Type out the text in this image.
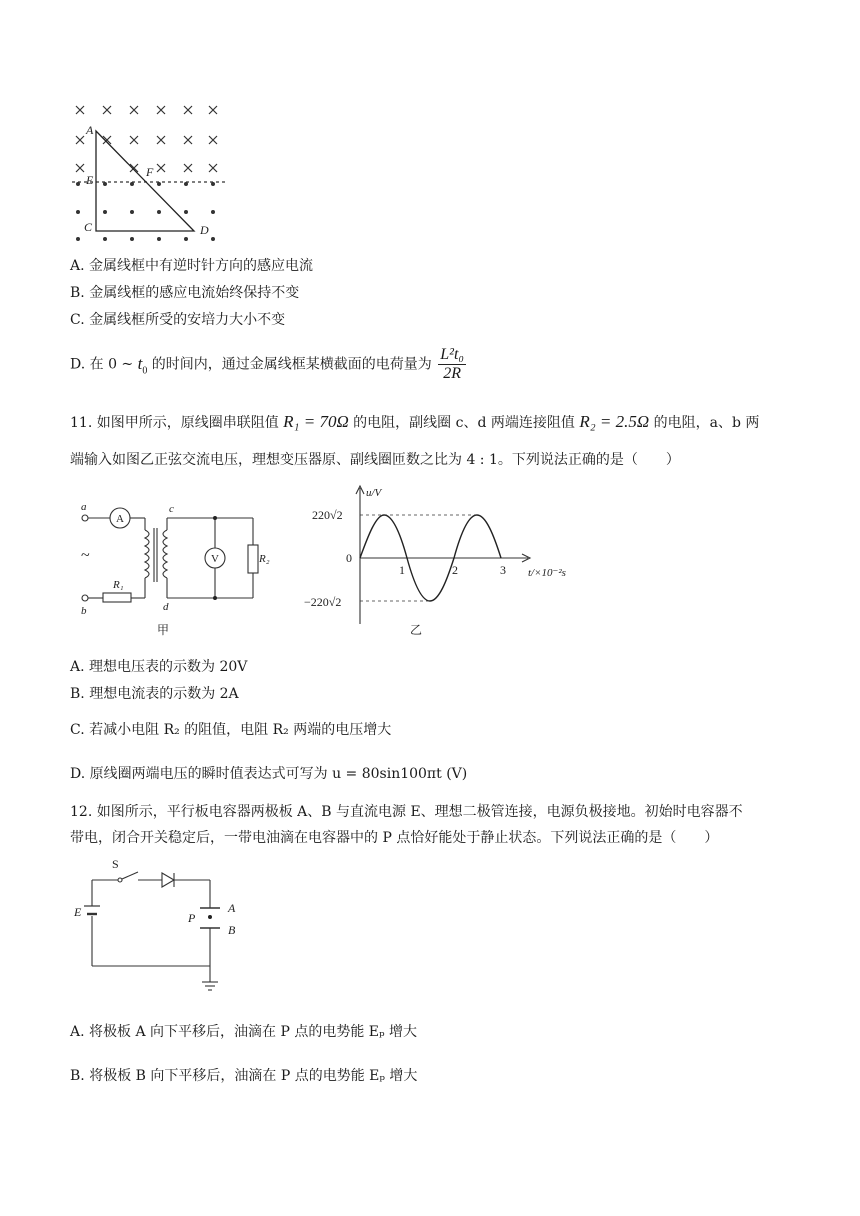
A
E
F
C	D
A. 金属线框中有逆时针方向的感应电流
B. 金属线框的感应电流始终保持不变
C. 金属线框所受的安培力大小不变
D. 在 0 ~ $t_0$ 的时间内，通过金属线框某横截面的电荷量为 $\frac{\text{L²t₀}}{2R}$
11. 如图甲所示，原线圈串联阻值 R₁ = 70Ω 的电阻，副线圈 c、d 两端连接阻值 R₂ = 2.5Ω 的电阻，a、b 两
端输入如图乙正弦交流电压，理想变压器原、副线圈匝数之比为 4 : 1。下列说法正确的是（　　）
a
b
c
d
A
V
~
R₁
R₂
甲
u/V
t/×10⁻²s
220√2
−220√2
0
1	2	3
乙
A. 理想电压表的示数为 20V
B. 理想电流表的示数为 2A
C. 若减小电阻 R₂ 的阻值，电阻 R₂ 两端的电压增大
D. 原线圈两端电压的瞬时值表达式可写为 u = 80sin100πt (V)
12. 如图所示，平行板电容器两极板 A、B 与直流电源 E、理想二极管连接，电源负极接地。初始时电容器不
带电，闭合开关稳定后，一带电油滴在电容器中的 P 点恰好能处于静止状态。下列说法正确的是（　　）
S
E	P
A
B
A. 将极板 A 向下平移后，油滴在 P 点的电势能 Eₚ 增大
B. 将极板 B 向下平移后，油滴在 P 点的电势能 Eₚ 增大
